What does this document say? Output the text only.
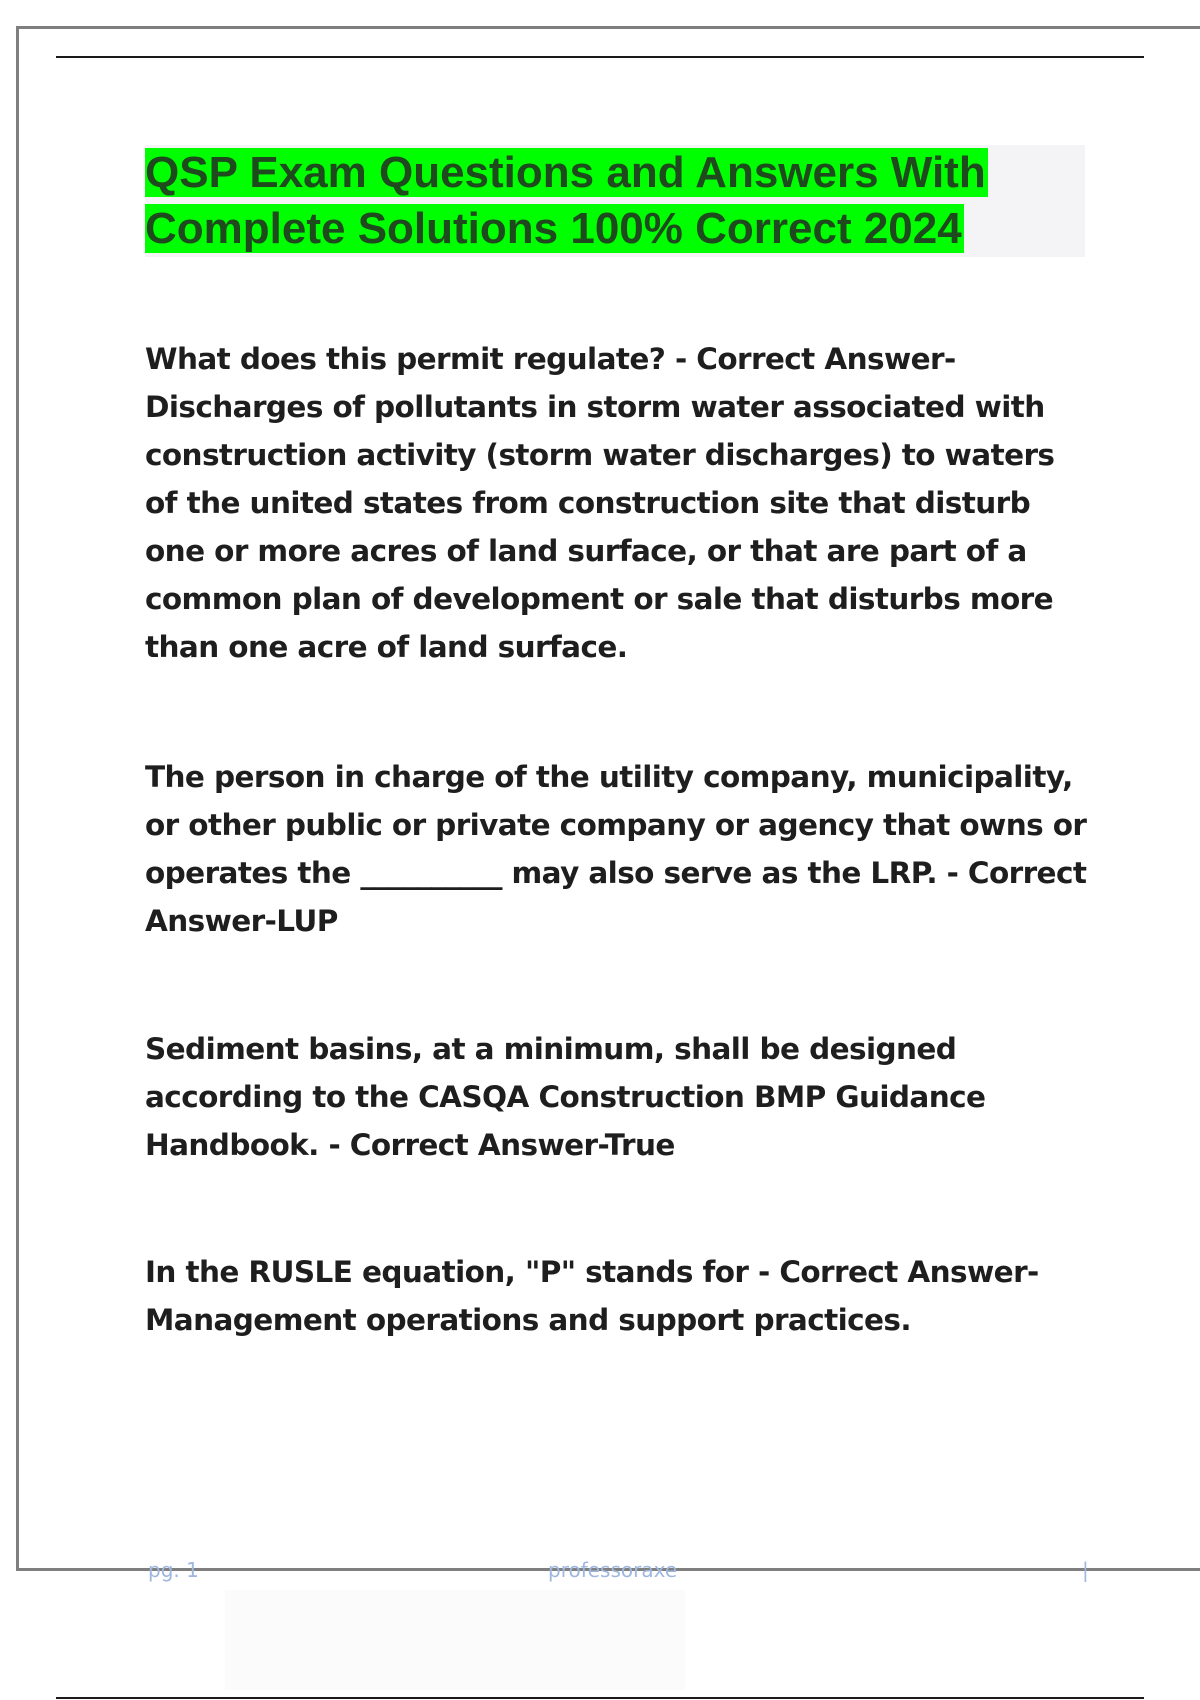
QSP Exam Questions and Answers With Complete Solutions 100% Correct 2024

What does this permit regulate? - Correct Answer-Discharges of pollutants in storm water associated with construction activity (storm water discharges) to waters of the united states from construction site that disturb one or more acres of land surface, or that are part of a common plan of development or sale that disturbs more than one acre of land surface.

The person in charge of the utility company, municipality, or other public or private company or agency that owns or operates the __________ may also serve as the LRP. - Correct Answer-LUP

Sediment basins, at a minimum, shall be designed according to the CASQA Construction BMP Guidance Handbook. - Correct Answer-True

In the RUSLE equation, "P" stands for - Correct Answer-Management operations and support practices.

pg. 1	professoraxe	|
